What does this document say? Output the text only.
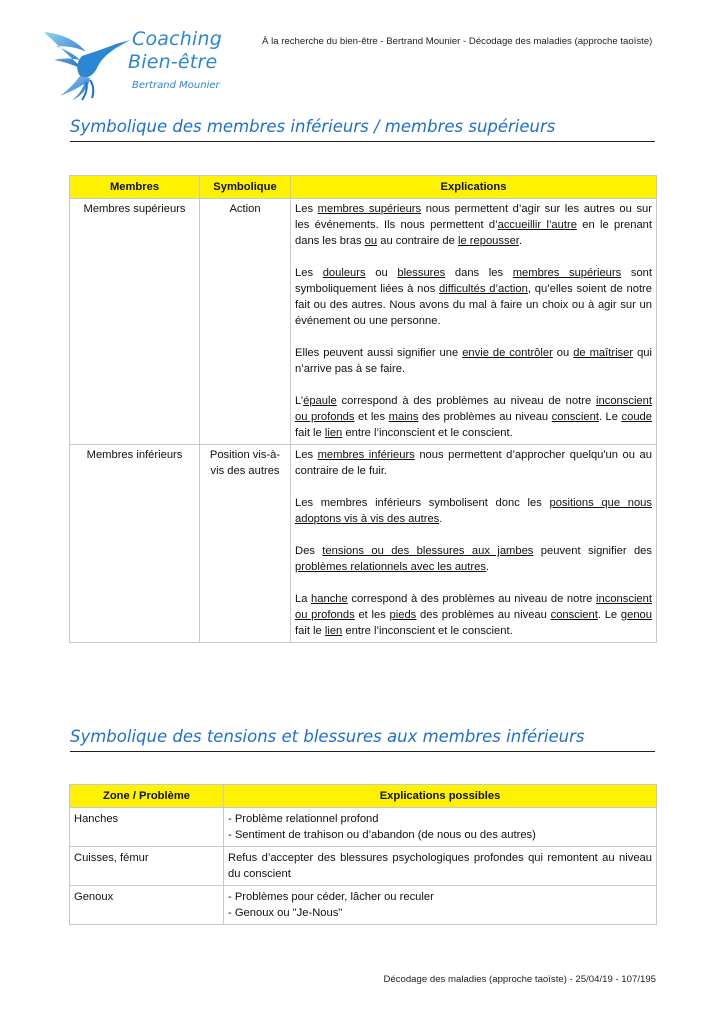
Coaching
Bien-être
Bertrand Mounier
À la recherche du bien-être - Bertrand Mounier - Décodage des maladies (approche taoïste)
Symbolique des membres inférieurs / membres supérieurs
Membres	Symbolique	Explications
Membres supérieurs	Action	Les membres supérieurs nous permettent d’agir sur les autres ou sur les événements. Ils nous permettent d’accueillir l’autre en le prenant dans les bras ou au contraire de le repousser.

Les douleurs ou blessures dans les membres supérieurs sont symboliquement liées à nos difficultés d’action, qu’elles soient de notre fait ou des autres. Nous avons du mal à faire un choix ou à agir sur un événement ou une personne.

Elles peuvent aussi signifier une envie de contrôler ou de maîtriser qui n’arrive pas à se faire.

L’épaule correspond à des problèmes au niveau de notre inconscient ou profonds et les mains des problèmes au niveau conscient. Le coude fait le lien entre l’inconscient et le conscient.

Membres inférieurs	Position vis-à-vis des autres	Les membres inférieurs nous permettent d’approcher quelqu'un ou au contraire de le fuir.

Les membres inférieurs symbolisent donc les positions que nous adoptons vis à vis des autres.

Des tensions ou des blessures aux jambes peuvent signifier des problèmes relationnels avec les autres.

La hanche correspond à des problèmes au niveau de notre inconscient ou profonds et les pieds des problèmes au niveau conscient. Le genou fait le lien entre l’inconscient et le conscient.

Symbolique des tensions et blessures aux membres inférieurs
Zone / Problème	Explications possibles
Hanches	- Problème relationnel profond
- Sentiment de trahison ou d’abandon (de nous ou des autres)

Cuisses, fémur	Refus d’accepter des blessures psychologiques profondes qui remontent au niveau du conscient

Genoux	- Problèmes pour céder, lâcher ou reculer
- Genoux ou "Je-Nous"
Décodage des maladies (approche taoïste) - 25/04/19 - 107/195
